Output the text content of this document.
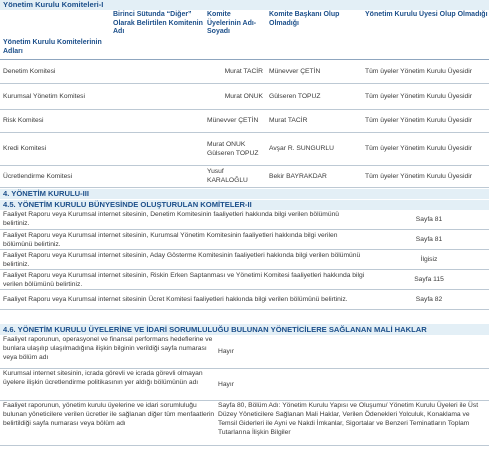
Yönetim Kurulu Komiteleri-I
Yönetim Kurulu Komitelerinin Adları	Birinci Sütunda “Diğer” Olarak Belirtilen Komitenin Adı	Komite Üyelerinin Adı-Soyadı	Komite Başkanı Olup Olmadığı	Yönetim Kurulu Üyesi Olup Olmadığı
Denetim Komitesi		Murat TACİR	Münevver ÇETİN	Tüm üyeler Yönetim Kurulu Üyesidir
Kurumsal Yönetim Komitesi		Murat ONUK	Gülseren TOPUZ	Tüm üyeler Yönetim Kurulu Üyesidir
Risk Komitesi		Münevver ÇETİN	Murat TACİR	Tüm üyeler Yönetim Kurulu Üyesidir
Kredi Komitesi		Murat ONUK Gülseren TOPUZ	Avşar R. SUNGURLU	Tüm üyeler Yönetim Kurulu Üyesidir
Ücretlendirme Komitesi		Yusuf KARALOĞLU	Bekir BAYRAKDAR	Tüm üyeler Yönetim Kurulu Üyesidir
4. YÖNETİM KURULU-III
4.5. YÖNETİM KURULU BÜNYESİNDE OLUŞTURULAN KOMİTELER-II
Faaliyet Raporu veya Kurumsal internet sitesinin, Denetim Komitesinin faaliyetleri hakkında bilgi verilen bölümünü belirtiniz.	Sayfa 81
Faaliyet Raporu veya Kurumsal internet sitesinin, Kurumsal Yönetim Komitesinin faaliyetleri hakkında bilgi verilen bölümünü belirtiniz.	Sayfa 81
Faaliyet Raporu veya Kurumsal internet sitesinin, Aday Gösterme Komitesinin faaliyetleri hakkında bilgi verilen bölümünü belirtiniz.	İlgisiz
Faaliyet Raporu veya Kurumsal internet sitesinin, Riskin Erken Saptanması ve Yönetimi Komitesi faaliyetleri hakkında bilgi verilen bölümünü belirtiniz.	Sayfa 115
Faaliyet Raporu veya Kurumsal internet sitesinin Ücret Komitesi faaliyetleri hakkında bilgi verilen bölümünü belirtiniz.	Sayfa 82
4.6. YÖNETİM KURULU ÜYELERİNE VE İDARİ SORUMLULUĞU BULUNAN YÖNETİCİLERE SAĞLANAN MALİ HAKLAR
Faaliyet raporunun, operasyonel ve finansal performans hedeflerine ve bunlara ulaşılıp ulaşılmadığına ilişkin bilginin verildiği sayfa numarası veya bölüm adı	Hayır
Kurumsal internet sitesinin, icrada görevli ve icrada görevli olmayan üyelere ilişkin ücretlendirme politikasının yer aldığı bölümünün adı	Hayır
Faaliyet raporunun, yönetim kurulu üyelerine ve idari sorumluluğu bulunan yöneticilere verilen ücretler ile sağlanan diğer tüm menfaatlerin belirtildiği sayfa numarası veya bölüm adı	Sayfa 80, Bölüm Adı: Yönetim Kurulu Yapısı ve Oluşumu/ Yönetim Kurulu Üyeleri ile Üst Düzey Yöneticilere Sağlanan Mali Haklar, Verilen Ödenekleri Yolculuk, Konaklama ve Temsil Giderleri ile Ayni ve Nakdi İmkanlar, Sigortalar ve Benzeri Teminatların Toplam Tutarlarına İlişkin Bilgiler
